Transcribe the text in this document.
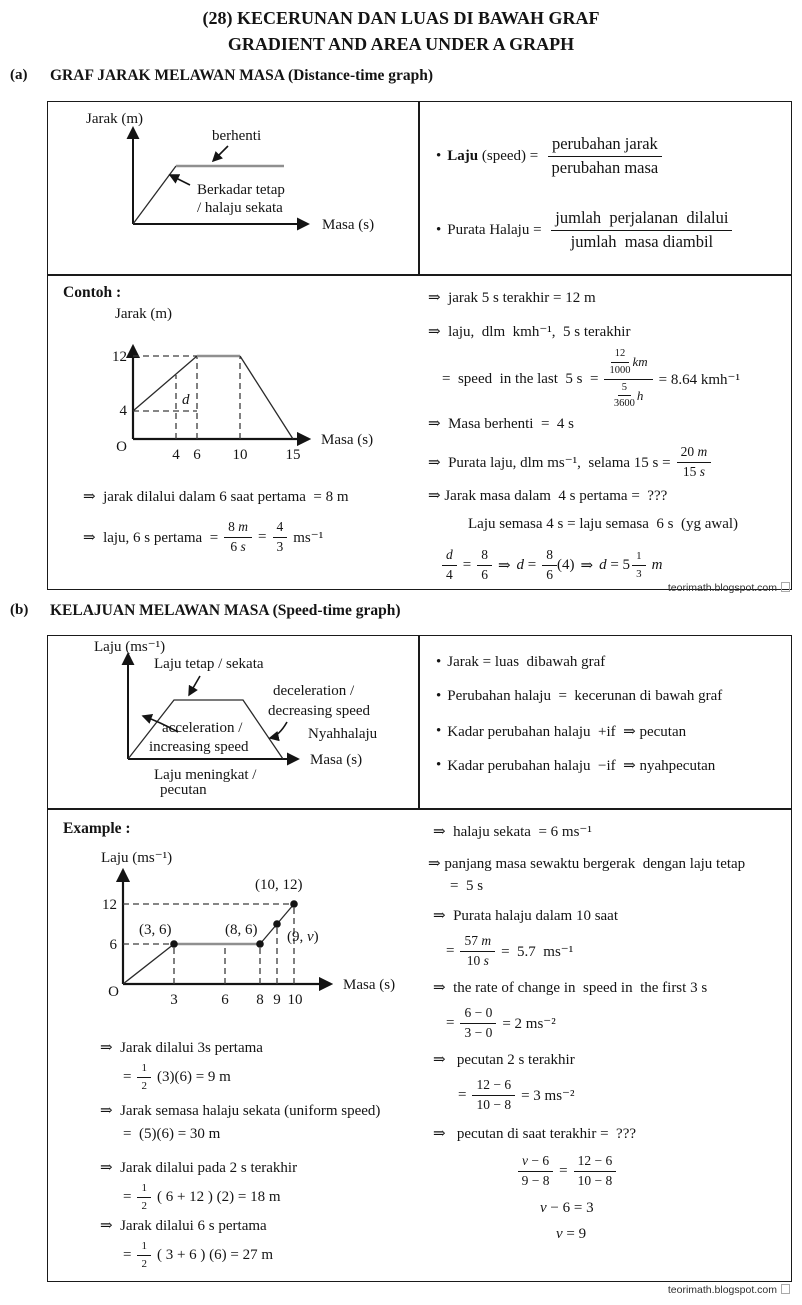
(28) KECERUNAN DAN LUAS DI BAWAH GRAF
GRADIENT AND AREA UNDER A GRAPH
(a) GRAF JARAK MELAWAN MASA (Distance-time graph)
Jarak (m)
berhenti
Berkadar tetap
/ halaju sekata
Masa (s)
• Laju (speed) =
perubahan jarak
perubahan masa
• Purata Halaju =
jumlah  perjalanan  dilalui
jumlah  masa diambil
Contoh :
Jarak (m)
12
4
O	4 6 10	15
d
Masa (s)
⇒  jarak dilalui dalam 6 saat pertama  = 8 m
⇒  laju, 6 s pertama  = $\frac{8 m}{6 s} = \frac{4}{3} ms^{-1}$
⇒  jarak 5 s terakhir = 12 m
⇒  laju,  dlm  kmh⁻¹,  5 s terakhir
=  speed  in the last  5 s  = 12
1000
km
5
3600
h = 8.64 kmh⁻¹
⇒  Masa berhenti  =  4 s
⇒  Purata laju, dlm ms⁻¹,  selama 15 $s = \frac{20 m}{15 s}$
⇒ Jarak masa dalam  4 s pertama =  ???
Laju semasa 4 s = laju semasa  6 s  (yg awal)
$\frac{d}{4} = \frac{8}{6}$ ⇒ $d = \frac{8}{6} (4)$ ⇒ d = 5
1
3
m
teorimath.blogspot.com
(b) KELAJUAN MELAWAN MASA (Speed-time graph)
Laju (ms⁻¹)
Laju tetap / sekata
deceleration /
decreasing speed
Nyahhalaju
acceleration /
increasing speed
Laju meningkat /
pecutan
Masa (s)
• Jarak = luas  dibawah graf
• Perubahan halaju  =  kecerunan di bawah graf
• Kadar perubahan halaju  +if  ⇒ pecutan
• Kadar perubahan halaju  −if  ⇒ nyahpecutan
Example :
Laju (ms⁻¹)
(10, 12)
(3, 6)	(8, 6) (9, v)
12
6
O	3	6 8 9 10
Masa (s)
⇒  Jarak dilalui 3s pertama
= $\frac{1}{2} (3)(6) = 9$ m
⇒  Jarak semasa halaju sekata (uniform speed)
=  (5)(6) = 30 m
⇒  Jarak dilalui pada 2 s terakhir
= $\frac{1}{2}$ ( 6 + 12 ) (2) = 18 m
⇒  Jarak dilalui 6 s pertama
= $\frac{1}{2}$ ( 3 + 6 ) (6) = 27 m
⇒  halaju sekata  = 6 ms⁻¹
⇒ panjang masa sewaktu bergerak  dengan laju tetap
=  5 s
⇒  Purata halaju dalam 10 saat
= $\frac{57 m}{10 s} = 5.7$  ms⁻¹
⇒  the rate of change in  speed in  the first 3 s
= $\frac{6 - 0}{3 - 0} = 2$ ms⁻²
⇒   pecutan 2 s terakhir
= $\frac{12 - 6}{10 - 8} = 3$ ms⁻²
⇒   pecutan di saat terakhir =  ???
$\frac{v - 6}{9 - 8} = \frac{12 - 6}{10 - 8}$
v − 6 = 3
v = 9
teorimath.blogspot.com
